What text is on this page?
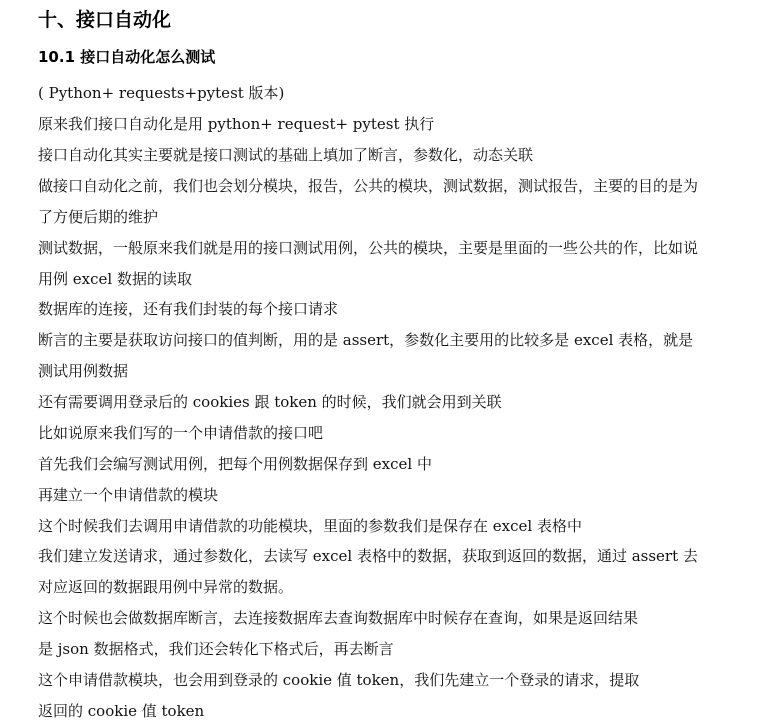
十、接口自动化
10.1 接口自动化怎么测试
( Python+ requests+pytest 版本)
原来我们接口自动化是用 python+ request+ pytest 执行
接口自动化其实主要就是接口测试的基础上填加了断言，参数化，动态关联
做接口自动化之前，我们也会划分模块，报告，公共的模块，测试数据，测试报告，主要的目的是为
了方便后期的维护
测试数据，一般原来我们就是用的接口测试用例，公共的模块，主要是里面的一些公共的作，比如说
用例 excel 数据的读取
数据库的连接，还有我们封装的每个接口请求
断言的主要是获取访问接口的值判断，用的是 assert，参数化主要用的比较多是 excel 表格，就是
测试用例数据
还有需要调用登录后的 cookies 跟 token 的时候，我们就会用到关联
比如说原来我们写的一个申请借款的接口吧
首先我们会编写测试用例，把每个用例数据保存到 excel 中
再建立一个申请借款的模块
这个时候我们去调用申请借款的功能模块，里面的参数我们是保存在 excel 表格中
我们建立发送请求，通过参数化，去读写 excel 表格中的数据，获取到返回的数据，通过 assert 去
对应返回的数据跟用例中异常的数据。
这个时候也会做数据库断言，去连接数据库去查询数据库中时候存在查询，如果是返回结果
是 json 数据格式，我们还会转化下格式后，再去断言
这个申请借款模块，也会用到登录的 cookie 值 token，我们先建立一个登录的请求，提取
返回的 cookie 值 token
